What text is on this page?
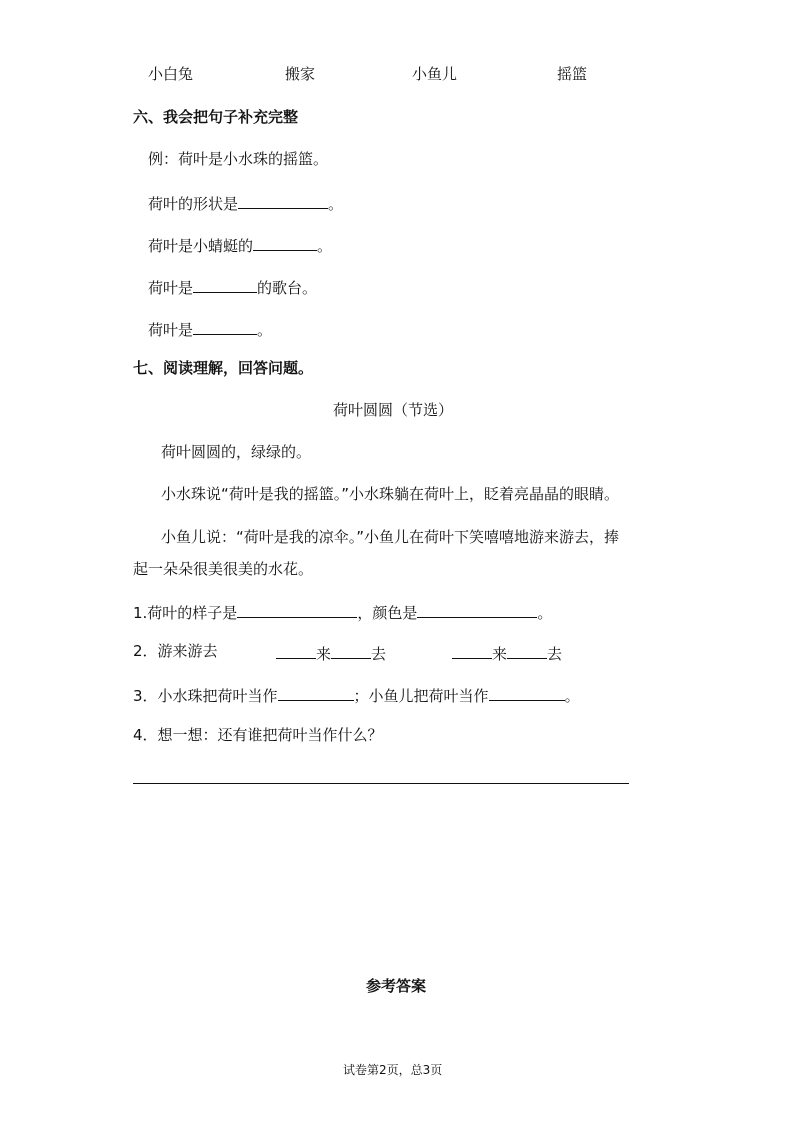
小白兔	搬家	小鱼儿	摇篮
六、我会把句子补充完整
例：荷叶是小水珠的摇篮。
荷叶的形状是	。
荷叶是小蜻蜓的	。
荷叶是	的歌台。
荷叶是	。
七、阅读理解，回答问题。
荷叶圆圆（节选）
荷叶圆圆的，绿绿的。
小水珠说“荷叶是我的摇篮。”小水珠躺在荷叶上，眨着亮晶晶的眼睛。
小鱼儿说：“荷叶是我的凉伞。”小鱼儿在荷叶下笑嘻嘻地游来游去，捧
起一朵朵很美很美的水花。
1.荷叶的样子是	，颜色是	。
2．游来游去	来	去	来	去
3．小水珠把荷叶当作	；小鱼儿把荷叶当作	。
4．想一想：还有谁把荷叶当作什么？
参考答案
试卷第2页，总3页
